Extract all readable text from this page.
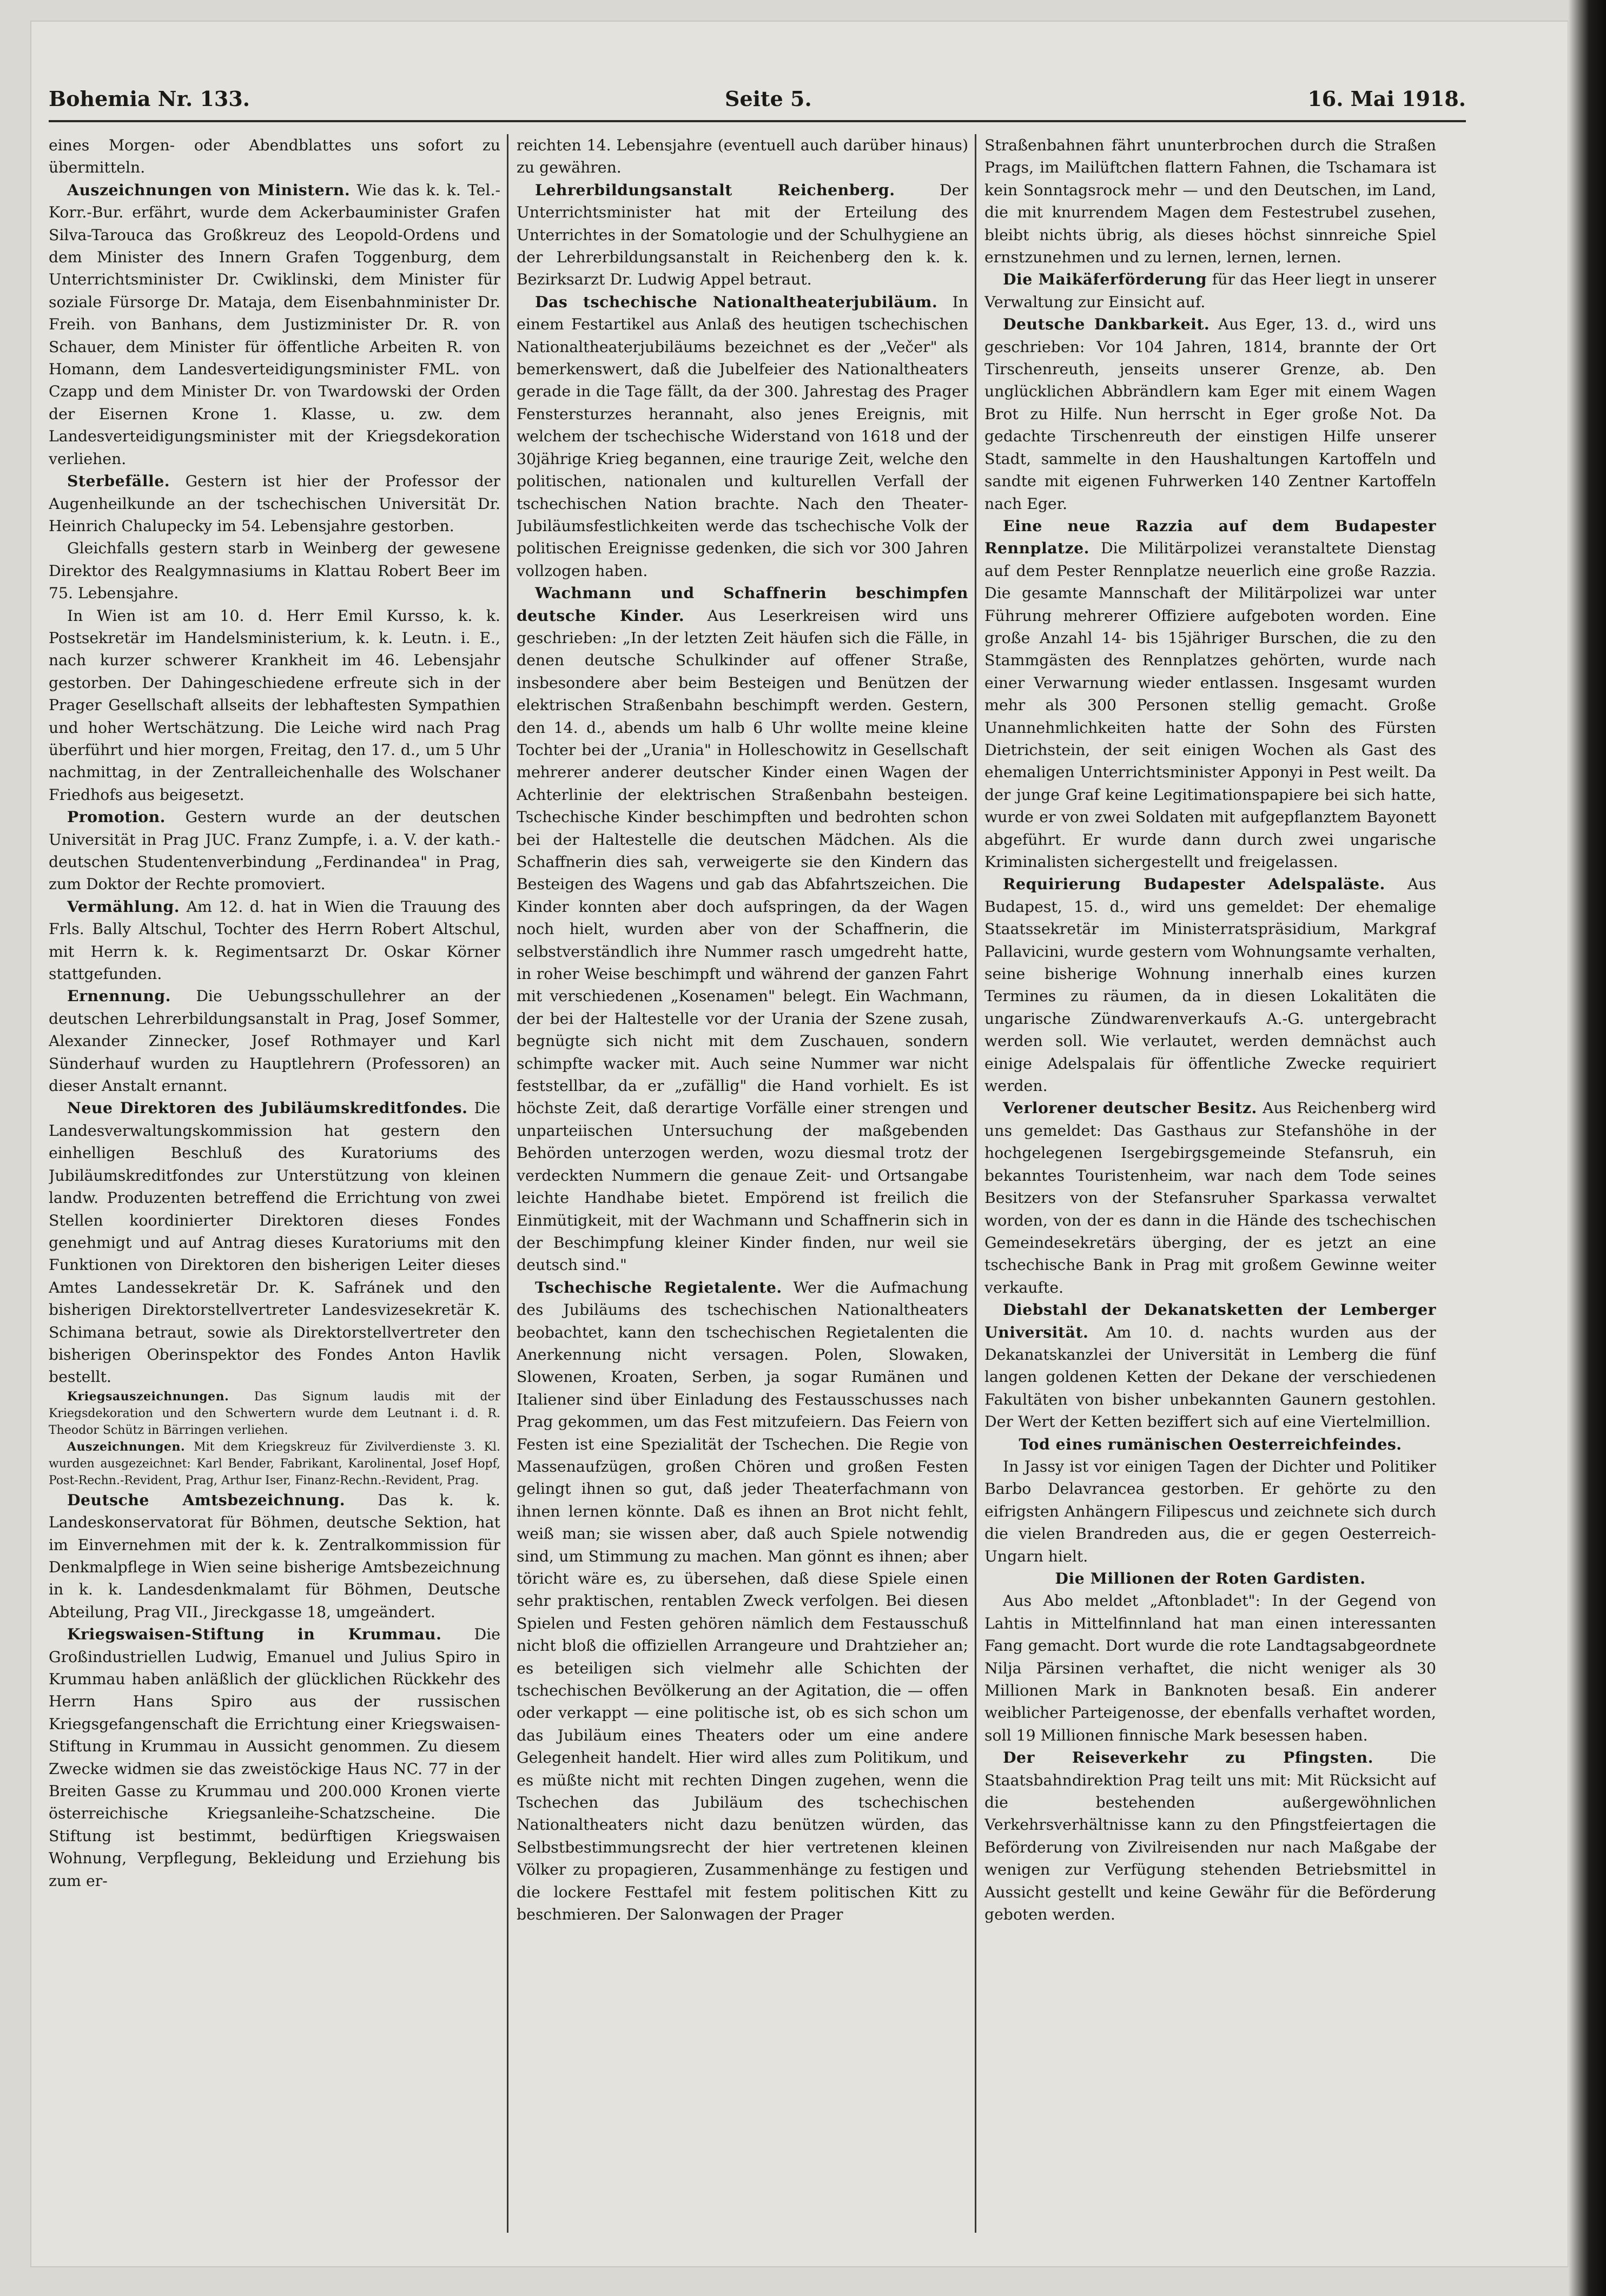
Bohemia Nr. 133.	Seite 5.	16. Mai 1918.

eines Morgen- oder Abendblattes uns sofort zu übermitteln.

Auszeichnungen von Ministern. Wie das k. k. Tel.-Korr.-Bur. erfährt, wurde dem Ackerbauminister Grafen Silva-Tarouca das Großkreuz des Leopold-Ordens und dem Minister des Innern Grafen Toggenburg, dem Unterrichtsminister Dr. Cwiklinski, dem Minister für soziale Fürsorge Dr. Mataja, dem Eisenbahnminister Dr. Freih. von Banhans, dem Justizminister Dr. R. von Schauer, dem Minister für öffentliche Arbeiten R. von Homann, dem Landesverteidigungsminister FML. von Czapp und dem Minister Dr. von Twardowski der Orden der Eisernen Krone 1. Klasse, u. zw. dem Landesverteidigungsminister mit der Kriegsdekoration verliehen.

Sterbefälle. Gestern ist hier der Professor der Augenheilkunde an der tschechischen Universität Dr. Heinrich Chalupecky im 54. Lebensjahre gestorben.

Gleichfalls gestern starb in Weinberg der gewesene Direktor des Realgymnasiums in Klattau Robert Beer im 75. Lebensjahre.

In Wien ist am 10. d. Herr Emil Kursso, k. k. Postsekretär im Handelsministerium, k. k. Leutn. i. E., nach kurzer schwerer Krankheit im 46. Lebensjahr gestorben. Der Dahingeschiedene erfreute sich in der Prager Gesellschaft allseits der lebhaftesten Sympathien und hoher Wertschätzung. Die Leiche wird nach Prag überführt und hier morgen, Freitag, den 17. d., um 5 Uhr nachmittag, in der Zentralleichenhalle des Wolschaner Friedhofs aus beigesetzt.

Promotion. Gestern wurde an der deutschen Universität in Prag JUC. Franz Zumpfe, i. a. V. der kath.-deutschen Studentenverbindung „Ferdinandea" in Prag, zum Doktor der Rechte promoviert.

Vermählung. Am 12. d. hat in Wien die Trauung des Frls. Bally Altschul, Tochter des Herrn Robert Altschul, mit Herrn k. k. Regimentsarzt Dr. Oskar Körner stattgefunden.

Ernennung. Die Uebungsschullehrer an der deutschen Lehrerbildungsanstalt in Prag, Josef Sommer, Alexander Zinnecker, Josef Rothmayer und Karl Sünderhauf wurden zu Hauptlehrern (Professoren) an dieser Anstalt ernannt.

Neue Direktoren des Jubiläumskreditfondes. Die Landesverwaltungskommission hat gestern den einhelligen Beschluß des Kuratoriums des Jubiläumskreditfondes zur Unterstützung von kleinen landw. Produzenten betreffend die Errichtung von zwei Stellen koordinierter Direktoren dieses Fondes genehmigt und auf Antrag dieses Kuratoriums mit den Funktionen von Direktoren den bisherigen Leiter dieses Amtes Landessekretär Dr. K. Safránek und den bisherigen Direktorstellvertreter Landesvizesekretär K. Schimana betraut, sowie als Direktorstellvertreter den bisherigen Oberinspektor des Fondes Anton Havlik bestellt.

Kriegsauszeichnungen. Das Signum laudis mit der Kriegsdekoration und den Schwertern wurde dem Leutnant i. d. R. Theodor Schütz in Bärringen verliehen.

Auszeichnungen. Mit dem Kriegskreuz für Zivilverdienste 3. Kl. wurden ausgezeichnet: Karl Bender, Fabrikant, Karolinental, Josef Hopf, Post-Rechn.-Revident, Prag, Arthur Iser, Finanz-Rechn.-Revident, Prag.

Deutsche Amtsbezeichnung. Das k. k. Landeskonservatorat für Böhmen, deutsche Sektion, hat im Einvernehmen mit der k. k. Zentralkommission für Denkmalpflege in Wien seine bisherige Amtsbezeichnung in k. k. Landesdenkmalamt für Böhmen, Deutsche Abteilung, Prag VII., Jireckgasse 18, umgeändert.

Kriegswaisen-Stiftung in Krummau. Die Großindustriellen Ludwig, Emanuel und Julius Spiro in Krummau haben anläßlich der glücklichen Rückkehr des Herrn Hans Spiro aus der russischen Kriegsgefangenschaft die Errichtung einer Kriegswaisen-Stiftung in Krummau in Aussicht genommen. Zu diesem Zwecke widmen sie das zweistöckige Haus NC. 77 in der Breiten Gasse zu Krummau und 200.000 Kronen vierte österreichische Kriegsanleihe-Schatzscheine. Die Stiftung ist bestimmt, bedürftigen Kriegswaisen Wohnung, Verpflegung, Bekleidung und Erziehung bis zum er-

reichten 14. Lebensjahre (eventuell auch darüber hinaus) zu gewähren.

Lehrerbildungsanstalt Reichenberg.	Der Unterrichtsminister hat mit der Erteilung des Unterrichtes in der Somatologie und der Schulhygiene an der Lehrerbildungsanstalt in Reichenberg den k. k. Bezirksarzt Dr. Ludwig Appel betraut.

Das tschechische Nationaltheaterjubiläum. In einem Festartikel aus Anlaß des heutigen tschechischen Nationaltheaterjubiläums bezeichnet es der „Večer" als bemerkenswert, daß die Jubelfeier des Nationaltheaters gerade in die Tage fällt, da der 300. Jahrestag des Prager Fenstersturzes herannaht, also jenes Ereignis, mit welchem der tschechische Widerstand von 1618 und der 30jährige Krieg begannen, eine traurige Zeit, welche den politischen, nationalen und kulturellen Verfall der tschechischen Nation brachte. Nach den Theater-Jubiläumsfestlichkeiten werde das tschechische Volk der politischen Ereignisse gedenken, die sich vor 300 Jahren vollzogen haben.

Wachmann und Schaffnerin beschimpfen deutsche Kinder. Aus Leserkreisen wird uns geschrieben: „In der letzten Zeit häufen sich die Fälle, in denen deutsche Schulkinder auf offener Straße, insbesondere aber beim Besteigen und Benützen der elektrischen Straßenbahn beschimpft werden. Gestern, den 14. d., abends um halb 6 Uhr wollte meine kleine Tochter bei der „Urania" in Holleschowitz in Gesellschaft mehrerer anderer deutscher Kinder einen Wagen der Achterlinie der elektrischen Straßenbahn besteigen. Tschechische Kinder beschimpften und bedrohten schon bei der Haltestelle die deutschen Mädchen. Als die Schaffnerin dies sah, verweigerte sie den Kindern das Besteigen des Wagens und gab das Abfahrtszeichen. Die Kinder konnten aber doch aufspringen, da der Wagen noch hielt, wurden aber von der Schaffnerin, die selbstverständlich ihre Nummer rasch umgedreht hatte, in roher Weise beschimpft und während der ganzen Fahrt mit verschiedenen „Kosenamen" belegt. Ein Wachmann, der bei der Haltestelle vor der Urania der Szene zusah, begnügte sich nicht mit dem Zuschauen, sondern schimpfte wacker mit. Auch seine Nummer war nicht feststellbar, da er „zufällig" die Hand vorhielt. Es ist höchste Zeit, daß derartige Vorfälle einer strengen und unparteiischen Untersuchung der maßgebenden Behörden unterzogen werden, wozu diesmal trotz der verdeckten Nummern die genaue Zeit- und Ortsangabe leichte Handhabe bietet. Empörend ist freilich die Einmütigkeit, mit der Wachmann und Schaffnerin sich in der Beschimpfung kleiner Kinder finden, nur weil sie deutsch sind."

Tschechische Regietalente. Wer die Aufmachung des Jubiläums des tschechischen Nationaltheaters beobachtet, kann den tschechischen Regietalenten die Anerkennung nicht versagen. Polen, Slowaken, Slowenen, Kroaten, Serben, ja sogar Rumänen und Italiener sind über Einladung des Festausschusses nach Prag gekommen, um das Fest mitzufeiern. Das Feiern von Festen ist eine Spezialität der Tschechen. Die Regie von Massenaufzügen, großen Chören und großen Festen gelingt ihnen so gut, daß jeder Theaterfachmann von ihnen lernen könnte. Daß es ihnen an Brot nicht fehlt, weiß man; sie wissen aber, daß auch Spiele notwendig sind, um Stimmung zu machen. Man gönnt es ihnen; aber töricht wäre es, zu übersehen, daß diese Spiele einen sehr praktischen, rentablen Zweck verfolgen. Bei diesen Spielen und Festen gehören nämlich dem Festausschuß nicht bloß die offiziellen Arrangeure und Drahtzieher an; es beteiligen sich vielmehr alle Schichten der tschechischen Bevölkerung an der Agitation, die — offen oder verkappt — eine politische ist, ob es sich schon um das Jubiläum eines Theaters oder um eine andere Gelegenheit handelt. Hier wird alles zum Politikum, und es müßte nicht mit rechten Dingen zugehen, wenn die Tschechen das Jubiläum des tschechischen Nationaltheaters nicht dazu benützen würden, das Selbstbestimmungsrecht der hier vertretenen kleinen Völker zu propagieren, Zusammenhänge zu festigen und die lockere Festtafel mit festem politischen Kitt zu beschmieren. Der Salonwagen der Prager

Straßenbahnen fährt ununterbrochen durch die Straßen Prags, im Mailüftchen flattern Fahnen, die Tschamara ist kein Sonntagsrock mehr — und den Deutschen, im Land, die mit knurrendem Magen dem Festestrubel zusehen, bleibt nichts übrig, als dieses höchst sinnreiche Spiel ernstzunehmen und zu lernen, lernen, lernen.

Die Maikäferförderung für das Heer liegt in unserer Verwaltung zur Einsicht auf.

Deutsche Dankbarkeit. Aus Eger, 13. d., wird uns geschrieben: Vor 104 Jahren, 1814, brannte der Ort Tirschenreuth, jenseits unserer Grenze, ab. Den unglücklichen Abbrändlern kam Eger mit einem Wagen Brot zu Hilfe. Nun herrscht in Eger große Not. Da gedachte Tirschenreuth der einstigen Hilfe unserer Stadt, sammelte in den Haushaltungen Kartoffeln und sandte mit eigenen Fuhrwerken 140 Zentner Kartoffeln nach Eger.

Eine neue Razzia auf dem Budapester Rennplatze. Die Militärpolizei veranstaltete Dienstag auf dem Pester Rennplatze neuerlich eine große Razzia. Die gesamte Mannschaft der Militärpolizei war unter Führung mehrerer Offiziere aufgeboten worden. Eine große Anzahl 14- bis 15jähriger Burschen, die zu den Stammgästen des Rennplatzes gehörten, wurde nach einer Verwarnung wieder entlassen. Insgesamt wurden mehr als 300 Personen stellig gemacht. Große Unannehmlichkeiten hatte der Sohn des Fürsten Dietrichstein, der seit einigen Wochen als Gast des ehemaligen Unterrichtsminister Apponyi in Pest weilt. Da der junge Graf keine Legitimationspapiere bei sich hatte, wurde er von zwei Soldaten mit aufgepflanztem Bayonett abgeführt. Er wurde dann durch zwei ungarische Kriminalisten sichergestellt und freigelassen.

Requirierung Budapester Adelspaläste. Aus Budapest, 15. d., wird uns gemeldet: Der ehemalige Staatssekretär im Ministerratspräsidium, Markgraf Pallavicini, wurde gestern vom Wohnungsamte verhalten, seine bisherige Wohnung innerhalb eines kurzen Termines zu räumen, da in diesen Lokalitäten die ungarische Zündwarenverkaufs A.-G. untergebracht werden soll. Wie verlautet, werden demnächst auch einige Adelspalais für öffentliche Zwecke requiriert werden.

Verlorener deutscher Besitz. Aus Reichenberg wird uns gemeldet: Das Gasthaus zur Stefanshöhe in der hochgelegenen Isergebirgsgemeinde Stefansruh, ein bekanntes Touristenheim, war nach dem Tode seines Besitzers von der Stefansruher Sparkassa verwaltet worden, von der es dann in die Hände des tschechischen Gemeindesekretärs überging, der es jetzt an eine tschechische Bank in Prag mit großem Gewinne weiter verkaufte.

Diebstahl der Dekanatsketten der Lemberger Universität. Am 10. d. nachts wurden aus der Dekanatskanzlei der Universität in Lemberg die fünf langen goldenen Ketten der Dekane der verschiedenen Fakultäten von bisher unbekannten Gaunern gestohlen. Der Wert der Ketten beziffert sich auf eine Viertelmillion.

Tod eines rumänischen Oesterreichfeindes.

In Jassy ist vor einigen Tagen der Dichter und Politiker Barbo Delavrancea gestorben. Er gehörte zu den eifrigsten Anhängern Filipescus und zeichnete sich durch die vielen Brandreden aus, die er gegen Oesterreich-Ungarn hielt.

Die Millionen der Roten Gardisten.

Aus Abo meldet „Aftonbladet": In der Gegend von Lahtis in Mittelfinnland hat man einen interessanten Fang gemacht. Dort wurde die rote Landtagsabgeordnete Nilja Pärsinen verhaftet, die nicht weniger als 30 Millionen Mark in Banknoten besaß. Ein anderer weiblicher Parteigenosse, der ebenfalls verhaftet worden, soll 19 Millionen finnische Mark besessen haben.

Der Reiseverkehr zu Pfingsten. Die Staatsbahndirektion Prag teilt uns mit: Mit Rücksicht auf die bestehenden außergewöhnlichen Verkehrsverhältnisse kann zu den Pfingstfeiertagen die Beförderung von Zivilreisenden nur nach Maßgabe der wenigen zur Verfügung stehenden Betriebsmittel in Aussicht gestellt und keine Gewähr für die Beförderung geboten werden.
